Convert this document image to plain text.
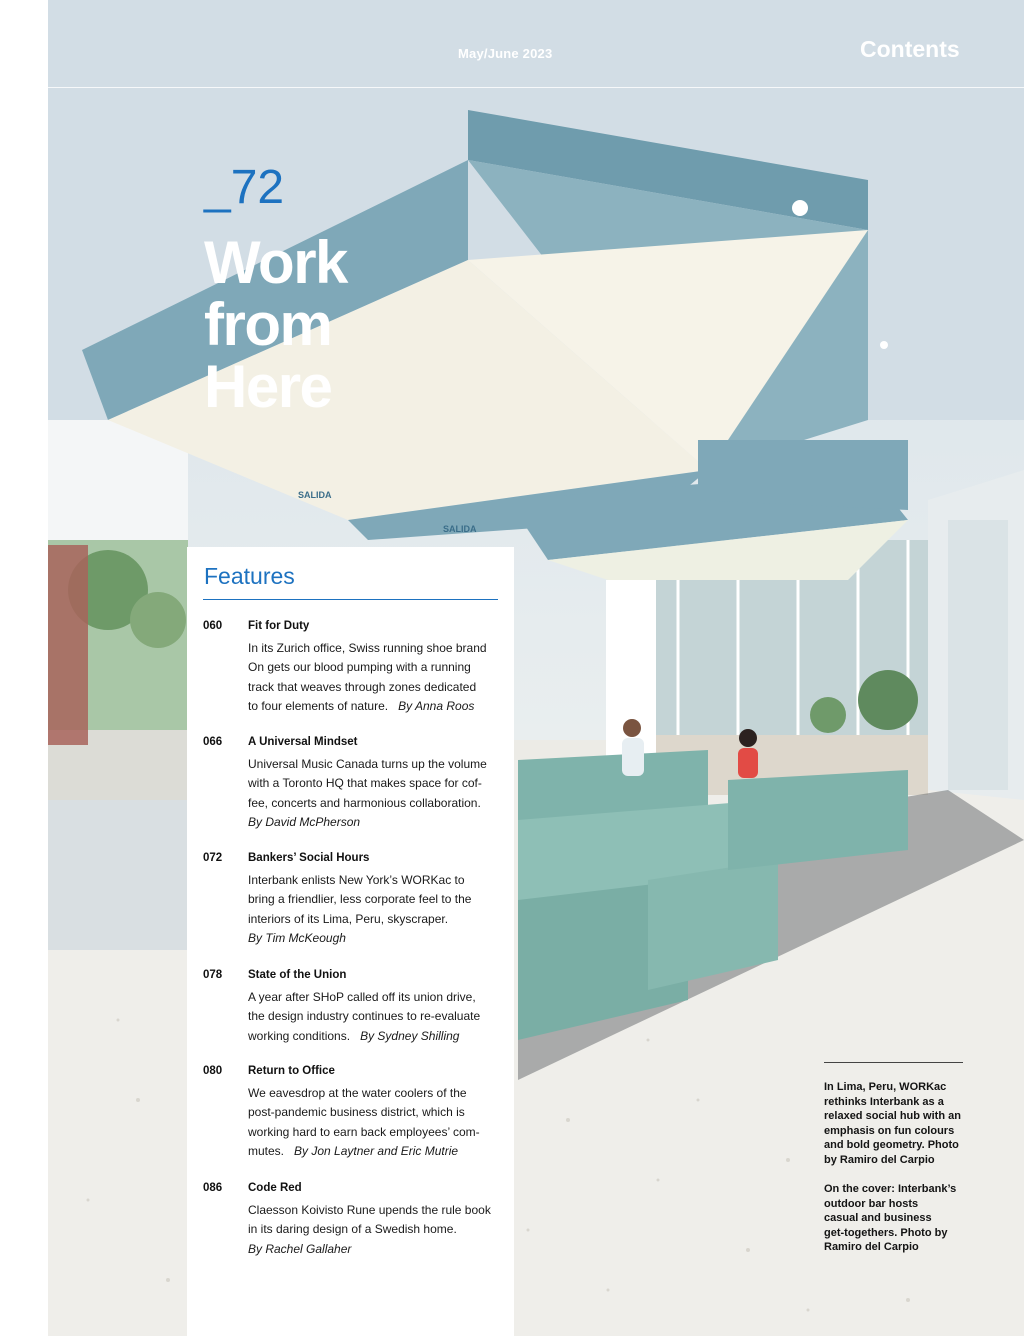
SALIDA
SALIDA
May/June 2023	Contents
_72
Work
from
Here
Features
060 Fit for Duty
In its Zurich office, Swiss running shoe brand
On gets our blood pumping with a running
track that weaves through zones dedicated
to four elements of nature. By Anna Roos
066 A Universal Mindset
Universal Music Canada turns up the volume
with a Toronto HQ that makes space for cof-
fee, concerts and harmonious collaboration.
By David McPherson
072 Bankers’ Social Hours
Interbank enlists New York’s WORKac to
bring a friendlier, less corporate feel to the
interiors of its Lima, Peru, skyscraper.
By Tim McKeough
078 State of the Union
A year after SHoP called off its union drive,
the design industry continues to re-evaluate
working conditions. By Sydney Shilling
080 Return to Office
We eavesdrop at the water coolers of the
post-pandemic business district, which is
working hard to earn back employees’ com-
mutes. By Jon Laytner and Eric Mutrie
086 Code Red
Claesson Koivisto Rune upends the rule book
in its daring design of a Swedish home.
By Rachel Gallaher
In Lima, Peru, WORKac
rethinks Interbank as a
relaxed social hub with an
emphasis on fun colours
and bold geometry. Photo
by Ramiro del Carpio
On the cover: Interbank’s
outdoor bar hosts
casual and business
get-togethers. Photo by
Ramiro del Carpio
